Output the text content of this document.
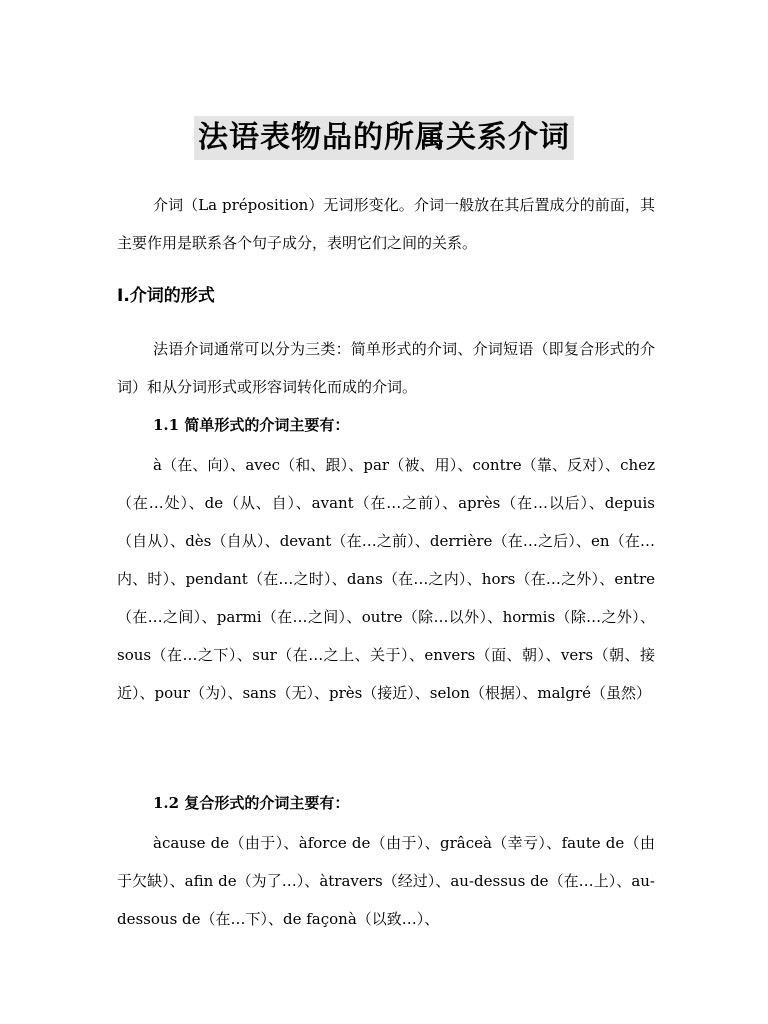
法语表物品的所属关系介词
介词（La préposition）无词形变化。介词一般放在其后置成分的前面，其主要作用是联系各个句子成分，表明它们之间的关系。
I.介词的形式
法语介词通常可以分为三类：简单形式的介词、介词短语（即复合形式的介词）和从分词形式或形容词转化而成的介词。
1.1 简单形式的介词主要有：
à（在、向）、avec（和、跟）、par（被、用）、contre（靠、反对）、chez（在…处）、de（从、自）、avant（在…之前）、après（在…以后）、depuis（自从）、dès（自从）、devant（在…之前）、derrière（在…之后）、en（在…内、时）、pendant（在…之时）、dans（在…之内）、hors（在…之外）、entre（在…之间）、parmi（在…之间）、outre（除…以外）、hormis（除…之外）、sous（在…之下）、sur（在…之上、关于）、envers（面、朝）、vers（朝、接近）、pour（为）、sans（无）、près（接近）、selon（根据）、malgré（虽然）
1.2 复合形式的介词主要有：
àcause de（由于）、àforce de（由于）、grâceà（幸亏）、faute de（由于欠缺）、afin de（为了…）、àtravers（经过）、au-dessus de（在…上）、au-dessous de（在…下）、de façonà（以致…）、
